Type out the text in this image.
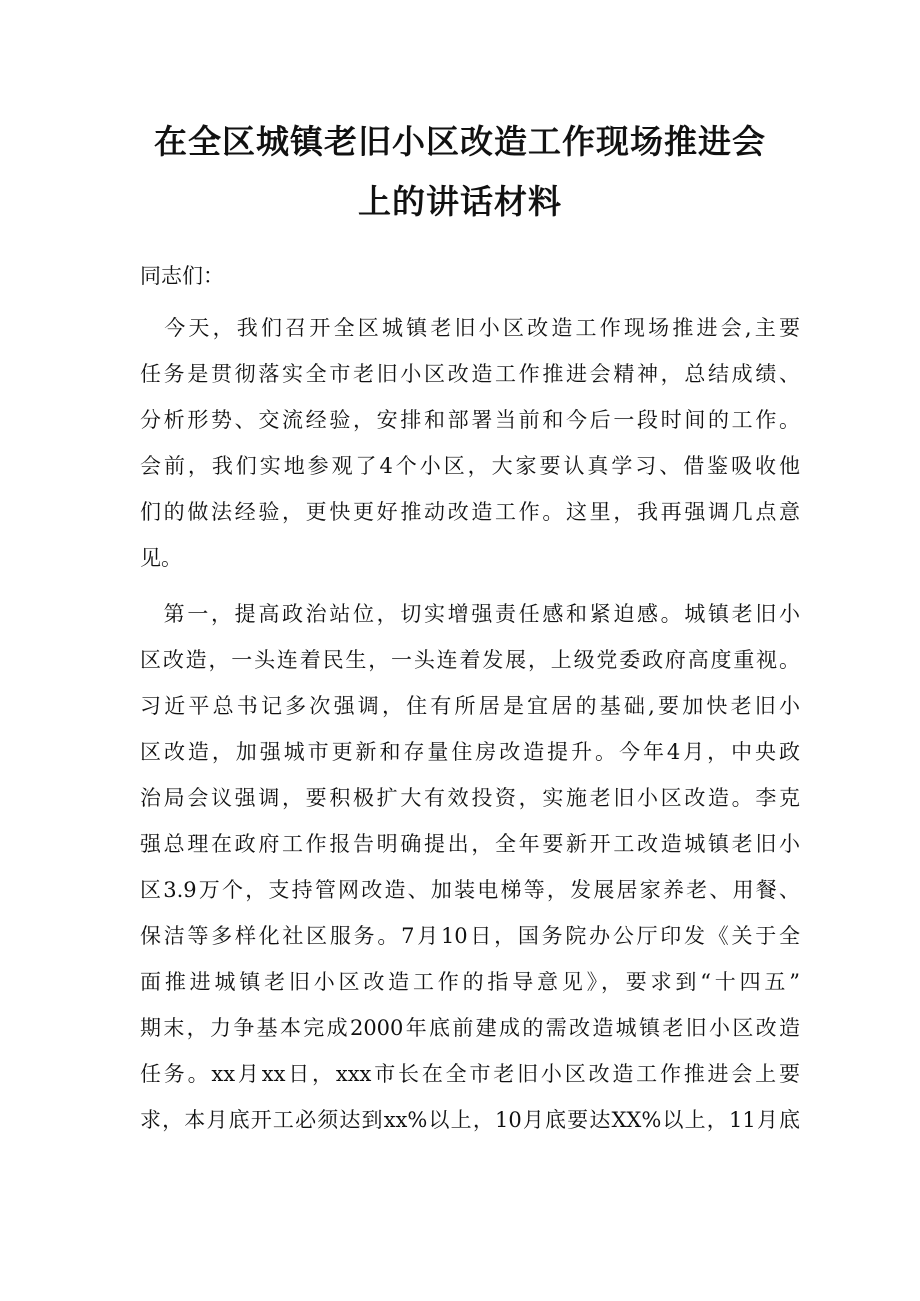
在全区城镇老旧小区改造工作现场推进会
上的讲话材料
同志们：
　今天，我们召开全区城镇老旧小区改造工作现场推进会,主要
任务是贯彻落实全市老旧小区改造工作推进会精神，总结成绩、
分析形势、交流经验，安排和部署当前和今后一段时间的工作。
会前，我们实地参观了4个小区，大家要认真学习、借鉴吸收他
们的做法经验，更快更好推动改造工作。这里，我再强调几点意
见。
　第一，提高政治站位，切实增强责任感和紧迫感。城镇老旧小
区改造，一头连着民生，一头连着发展，上级党委政府高度重视。
习近平总书记多次强调，住有所居是宜居的基础,要加快老旧小
区改造，加强城市更新和存量住房改造提升。今年4月，中央政
治局会议强调，要积极扩大有效投资，实施老旧小区改造。李克
强总理在政府工作报告明确提出，全年要新开工改造城镇老旧小
区3.9万个，支持管网改造、加装电梯等，发展居家养老、用餐、
保洁等多样化社区服务。7月10日，国务院办公厅印发《关于全
面推进城镇老旧小区改造工作的指导意见》，要求到“十四五”
期末，力争基本完成2000年底前建成的需改造城镇老旧小区改造
任务。xx月xx日，xxx市长在全市老旧小区改造工作推进会上要
求，本月底开工必须达到xx%以上，10月底要达XX%以上，11月底
